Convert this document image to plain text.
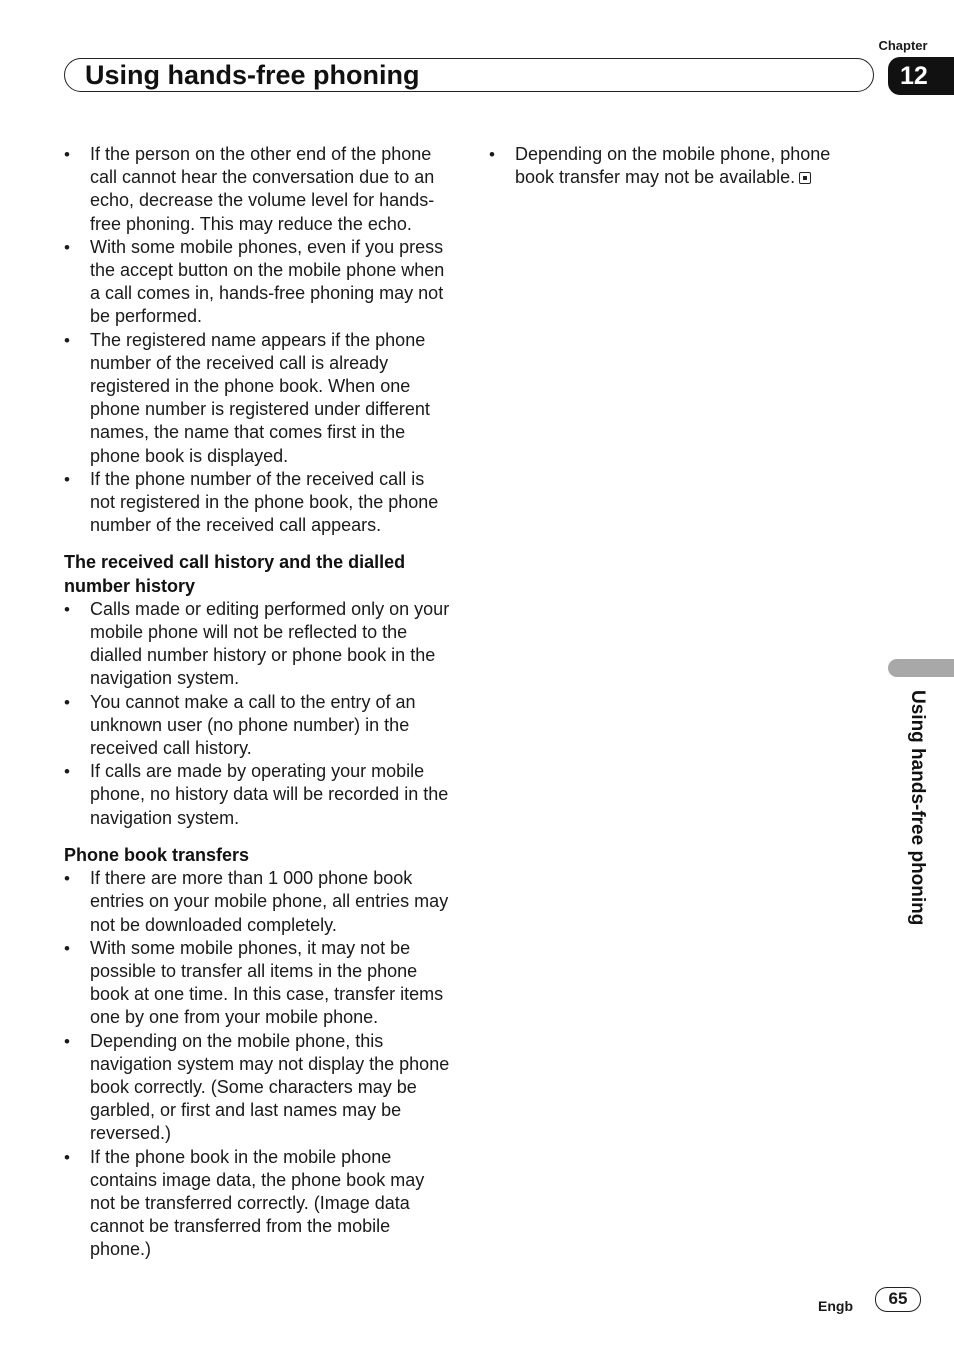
Chapter
Using hands-free phoning	12
• If the person on the other end of the phone call cannot hear the conversation due to an echo, decrease the volume level for hands-free phoning. This may reduce the echo.
• With some mobile phones, even if you press the accept button on the mobile phone when a call comes in, hands-free phoning may not be performed.
• The registered name appears if the phone number of the received call is already registered in the phone book. When one phone number is registered under different names, the name that comes first in the phone book is displayed.
• If the phone number of the received call is not registered in the phone book, the phone number of the received call appears.
The received call history and the dialled number history
• Calls made or editing performed only on your mobile phone will not be reflected to the dialled number history or phone book in the navigation system.
• You cannot make a call to the entry of an unknown user (no phone number) in the received call history.
• If calls are made by operating your mobile phone, no history data will be recorded in the navigation system.
Phone book transfers
• If there are more than 1 000 phone book entries on your mobile phone, all entries may not be downloaded completely.
• With some mobile phones, it may not be possible to transfer all items in the phone book at one time. In this case, transfer items one by one from your mobile phone.
• Depending on the mobile phone, this navigation system may not display the phone book correctly. (Some characters may be garbled, or first and last names may be reversed.)
• If the phone book in the mobile phone contains image data, the phone book may not be transferred correctly. (Image data cannot be transferred from the mobile phone.)
• Depending on the mobile phone, phone book transfer may not be available.
Using hands-free phoning
Engb	65
